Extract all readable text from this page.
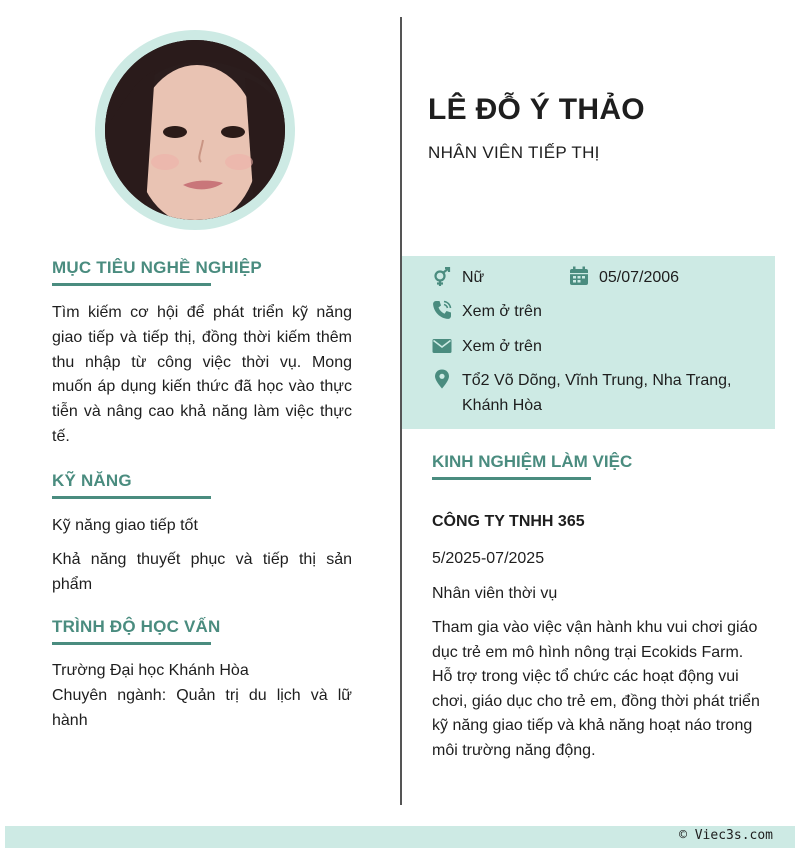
MỤC TIÊU NGHỀ NGHIỆP
Tìm kiếm cơ hội để phát triển kỹ năng giao tiếp và tiếp thị, đồng thời kiếm thêm thu nhập từ công việc thời vụ. Mong muốn áp dụng kiến thức đã học vào thực tiễn và nâng cao khả năng làm việc thực tế.
KỸ NĂNG
Kỹ năng giao tiếp tốt
Khả năng thuyết phục và tiếp thị sản phẩm
TRÌNH ĐỘ HỌC VẤN
Trường Đại học Khánh Hòa
Chuyên ngành: Quản trị du lịch và lữ hành
LÊ ĐỖ Ý THẢO
NHÂN VIÊN TIẾP THỊ
Nữ	05/07/2006
Xem ở trên
Xem ở trên
Tổ2 Võ Dõng, Vĩnh Trung, Nha Trang, Khánh Hòa
KINH NGHIỆM LÀM VIỆC
CÔNG TY TNHH 365
5/2025-07/2025
Nhân viên thời vụ
Tham gia vào việc vận hành khu vui chơi giáo dục trẻ em mô hình nông trại Ecokids Farm. Hỗ trợ trong việc tổ chức các hoạt động vui chơi, giáo dục cho trẻ em, đồng thời phát triển kỹ năng giao tiếp và khả năng hoạt náo trong môi trường năng động.
© Viec3s.com
